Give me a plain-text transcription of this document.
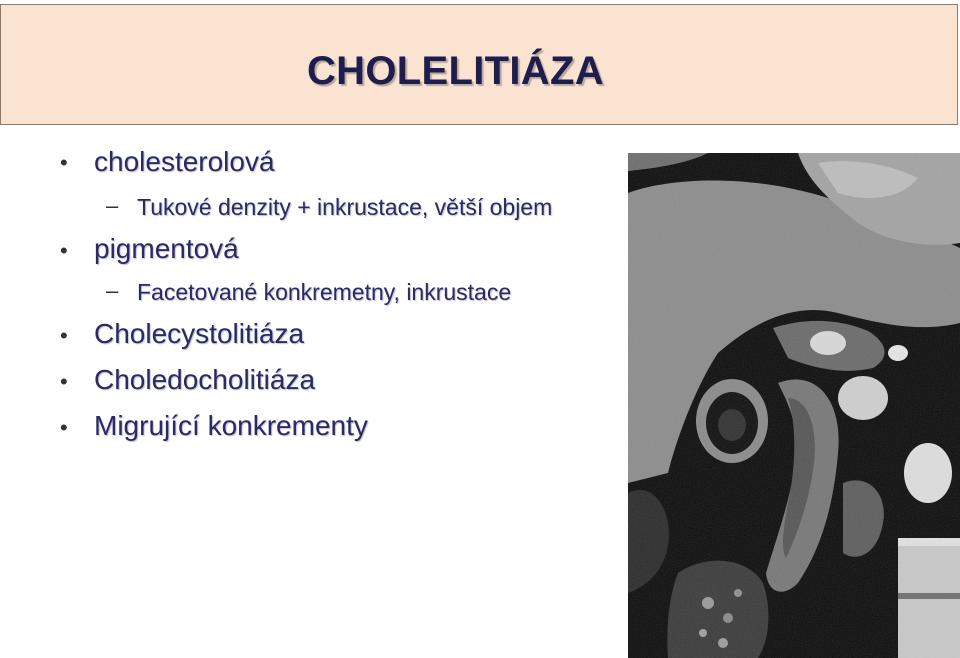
CHOLELITIÁZA
• cholesterolová
– Tukové denzity + inkrustace, větší objem
• pigmentová
– Facetované konkremetny, inkrustace
• Cholecystolitiáza
• Choledocholitiáza
• Migrující konkrementy
